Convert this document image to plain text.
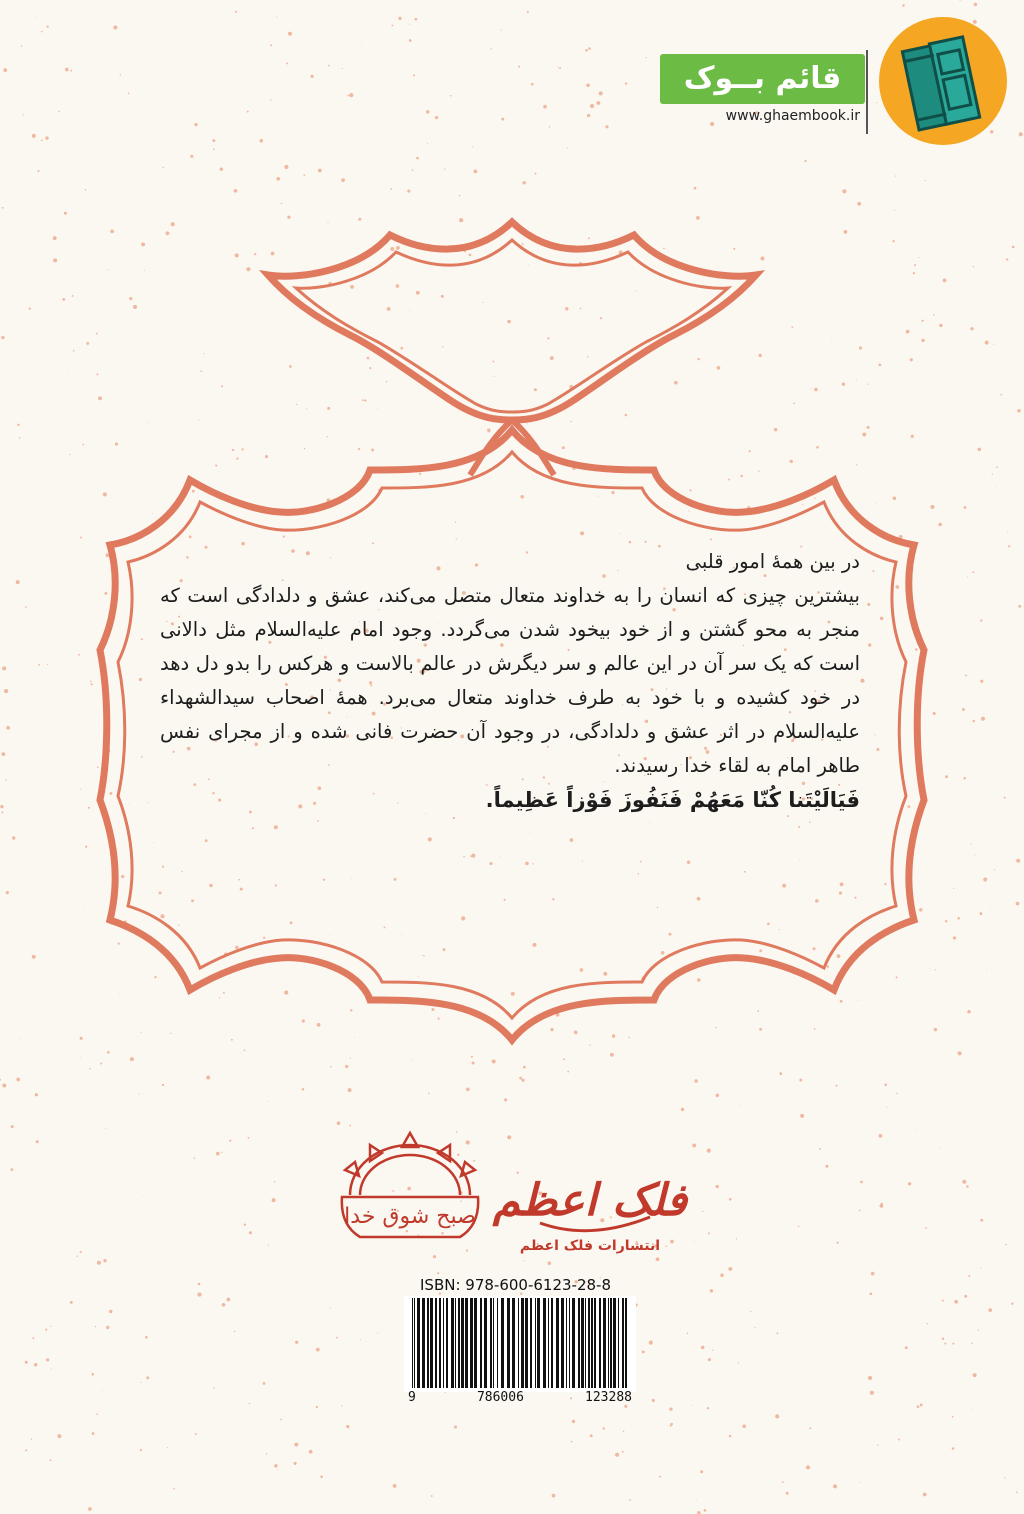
قائم بــوک
www.ghaembook.ir

در بین همهٔ امور قلبی

بیشترین چیزی که انسان را به خداوند متعال متصل می‌کند، عشق و دلدادگی است که منجر به محو گشتن و از خود بیخود شدن می‌گردد. وجود امام عليه‌السلام مثل دالانی است که یک سر آن در این عالم و سر دیگرش در عالم بالاست و هرکس را بدو دل دهد در خود کشیده و با خود به طرف خداوند متعال می‌برد. همهٔ اصحاب سیدالشهداء عليه‌السلام در اثر عشق و دلدادگی، در وجود آن حضرت فانی شده و از مجرای نفس طاهر امام به لقاء خدا رسیدند.

فَیَالَیْتَنا کُنّا مَعَهُمْ فَنَفُوزَ فَوْزاً عَظِیماً.

صبح شوق خدا فلک اعظم
انتشارات فلک اعظم
ISBN: 978-600-6123-28-8
9	786006	123288
